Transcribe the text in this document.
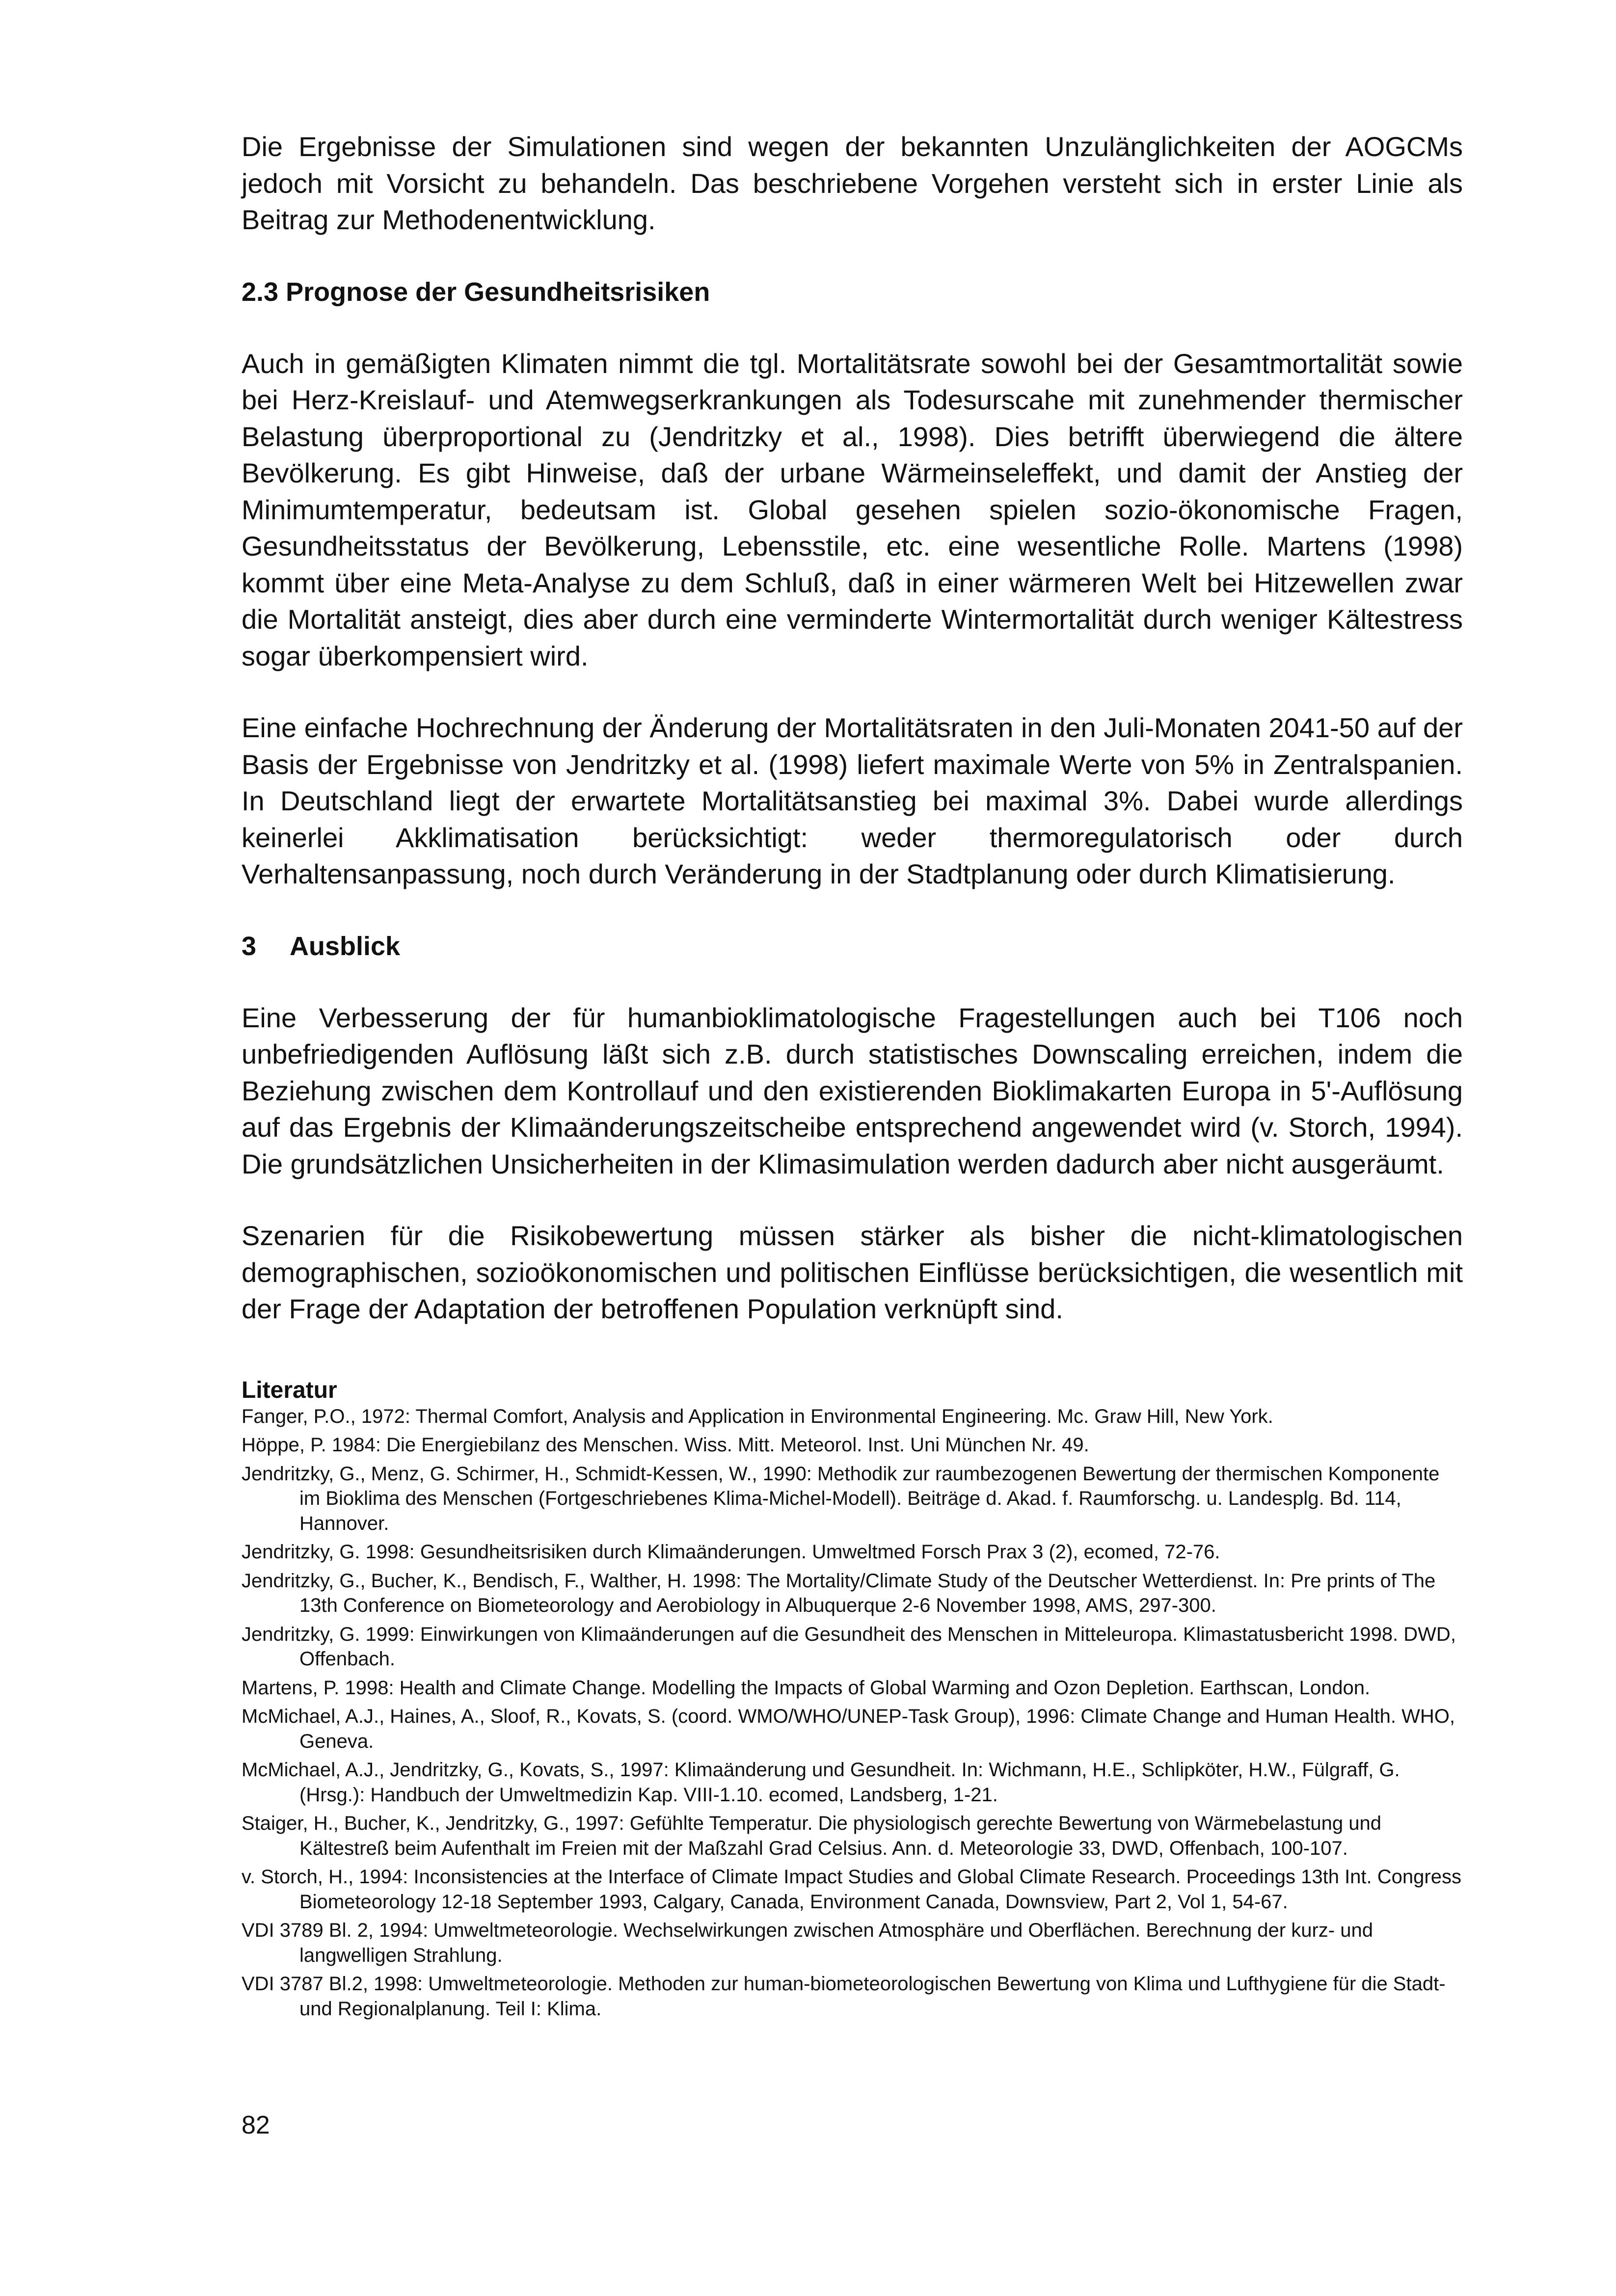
Die Ergebnisse der Simulationen sind wegen der bekannten Unzulänglichkeiten der AOGCMs jedoch mit Vorsicht zu behandeln. Das beschriebene Vorgehen versteht sich in erster Linie als Beitrag zur Methodenentwicklung.

2.3 Prognose der Gesundheitsrisiken

Auch in gemäßigten Klimaten nimmt die tgl. Mortalitätsrate sowohl bei der Gesamtmortalität sowie bei Herz-Kreislauf- und Atemwegserkrankungen als Todesurscahe mit zunehmender thermischer Belastung überproportional zu (Jendritzky et al., 1998). Dies betrifft überwiegend die ältere Bevölkerung. Es gibt Hinweise, daß der urbane Wärmeinseleffekt, und damit der Anstieg der Minimumtemperatur, bedeutsam ist. Global gesehen spielen sozio-ökonomische Fragen, Gesundheitsstatus der Bevölkerung, Lebensstile, etc. eine wesentliche Rolle. Martens (1998) kommt über eine Meta-Analyse zu dem Schluß, daß in einer wärmeren Welt bei Hitzewellen zwar die Mortalität ansteigt, dies aber durch eine verminderte Wintermortalität durch weniger Kältestress sogar überkompensiert wird.

Eine einfache Hochrechnung der Änderung der Mortalitätsraten in den Juli-Monaten 2041-50 auf der Basis der Ergebnisse von Jendritzky et al. (1998) liefert maximale Werte von 5% in Zentralspanien. In Deutschland liegt der erwartete Mortalitätsanstieg bei maximal 3%. Dabei wurde allerdings keinerlei Akklimatisation berücksichtigt: weder thermoregulatorisch oder durch Verhaltensanpassung, noch durch Veränderung in der Stadtplanung oder durch Klimatisierung.

3 Ausblick

Eine Verbesserung der für humanbioklimatologische Fragestellungen auch bei T106 noch unbefriedigenden Auflösung läßt sich z.B. durch statistisches Downscaling erreichen, indem die Beziehung zwischen dem Kontrollauf und den existierenden Bioklimakarten Europa in 5'-Auflösung auf das Ergebnis der Klimaänderungszeitscheibe entsprechend angewendet wird (v. Storch, 1994). Die grundsätzlichen Unsicherheiten in der Klimasimulation werden dadurch aber nicht ausgeräumt.

Szenarien für die Risikobewertung müssen stärker als bisher die nicht-klimatologischen demographischen, sozioökonomischen und politischen Einflüsse berücksichtigen, die wesentlich mit der Frage der Adaptation der betroffenen Population verknüpft sind.

Literatur
Fanger, P.O., 1972: Thermal Comfort, Analysis and Application in Environmental Engineering. Mc. Graw Hill, New York.
Höppe, P. 1984: Die Energiebilanz des Menschen. Wiss. Mitt. Meteorol. Inst. Uni München Nr. 49.
Jendritzky, G., Menz, G. Schirmer, H., Schmidt-Kessen, W., 1990: Methodik zur raumbezogenen Bewertung der thermischen Komponente im Bioklima des Menschen (Fortgeschriebenes Klima-Michel-Modell). Beiträge d. Akad. f. Raumforschg. u. Landesplg. Bd. 114, Hannover.
Jendritzky, G. 1998: Gesundheitsrisiken durch Klimaänderungen. Umweltmed Forsch Prax 3 (2), ecomed, 72-76.
Jendritzky, G., Bucher, K., Bendisch, F., Walther, H. 1998: The Mortality/Climate Study of the Deutscher Wetterdienst. In: Pre prints of The 13th Conference on Biometeorology and Aerobiology in Albuquerque 2-6 November 1998, AMS, 297-300.
Jendritzky, G. 1999: Einwirkungen von Klimaänderungen auf die Gesundheit des Menschen in Mitteleuropa. Klimastatusbericht 1998. DWD, Offenbach.
Martens, P. 1998: Health and Climate Change. Modelling the Impacts of Global Warming and Ozon Depletion. Earthscan, London.
McMichael, A.J., Haines, A., Sloof, R., Kovats, S. (coord. WMO/WHO/UNEP-Task Group), 1996: Climate Change and Human Health. WHO, Geneva.
McMichael, A.J., Jendritzky, G., Kovats, S., 1997: Klimaänderung und Gesundheit. In: Wichmann, H.E., Schlipköter, H.W., Fülgraff, G. (Hrsg.): Handbuch der Umweltmedizin Kap. VIII-1.10. ecomed, Landsberg, 1-21.
Staiger, H., Bucher, K., Jendritzky, G., 1997: Gefühlte Temperatur. Die physiologisch gerechte Bewertung von Wärmebelastung und Kältestreß beim Aufenthalt im Freien mit der Maßzahl Grad Celsius. Ann. d. Meteorologie 33, DWD, Offenbach, 100-107.
v. Storch, H., 1994: Inconsistencies at the Interface of Climate Impact Studies and Global Climate Research. Proceedings 13th Int. Congress Biometeorology 12-18 September 1993, Calgary, Canada, Environment Canada, Downsview, Part 2, Vol 1, 54-67.
VDI 3789 Bl. 2, 1994: Umweltmeteorologie. Wechselwirkungen zwischen Atmosphäre und Oberflächen. Berechnung der kurz- und langwelligen Strahlung.
VDI 3787 Bl.2, 1998: Umweltmeteorologie. Methoden zur human-biometeorologischen Bewertung von Klima und Lufthygiene für die Stadt- und Regionalplanung. Teil I: Klima.
82
